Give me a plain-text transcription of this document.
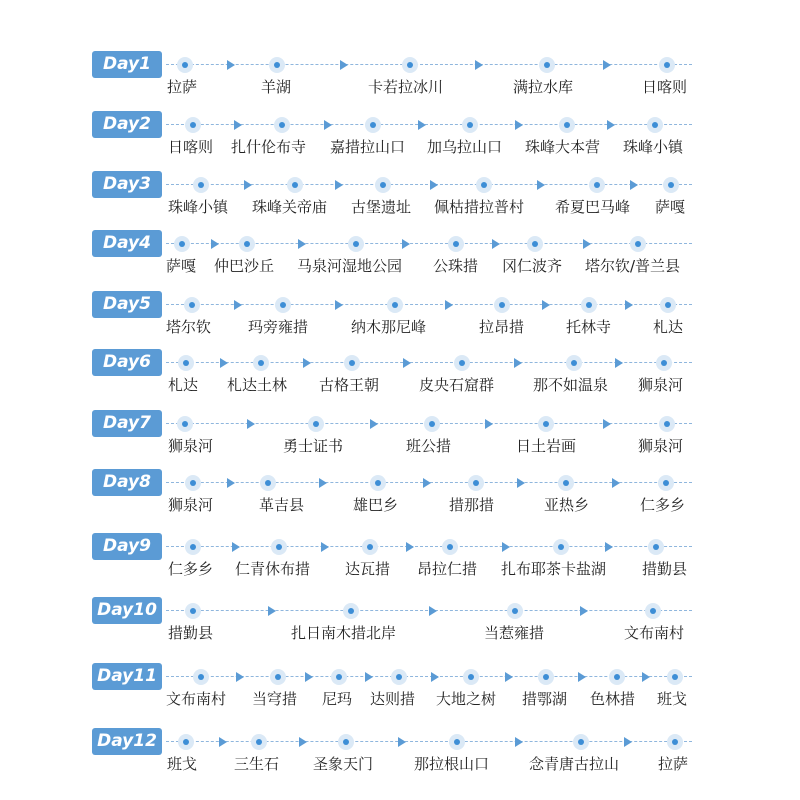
Day1
拉萨	羊湖	卡若拉冰川	满拉水库	日喀则
Day2
日喀则 扎什伦布寺 嘉措拉山口 加乌拉山口 珠峰大本营 珠峰小镇
Day3
珠峰小镇 珠峰关帝庙 古堡遗址 佩枯措拉普村 希夏巴马峰 萨嘎
Day4
萨嘎 仲巴沙丘 马泉河湿地公园 公珠措 冈仁波齐 塔尔钦/普兰县
Day5
塔尔钦 玛旁雍措	纳木那尼峰	拉昂措	托林寺	札达
Day6
札达 札达土林 古格王朝	皮央石窟群	那不如温泉 狮泉河
Day7
狮泉河	勇士证书	班公措	日土岩画	狮泉河
Day8
狮泉河	革吉县	雄巴乡	措那措	亚热乡	仁多乡
Day9
仁多乡 仁青休布措 达瓦措 昂拉仁措 扎布耶茶卡盐湖 措勤县
Day10
措勤县	扎日南木措北岸	当惹雍措	文布南村
Day11
文布南村 当穹措 尼玛 达则措 大地之树 措鄂湖 色林措 班戈
Day12
班戈 三生石 圣象天门	那拉根山口	念青唐古拉山	拉萨
